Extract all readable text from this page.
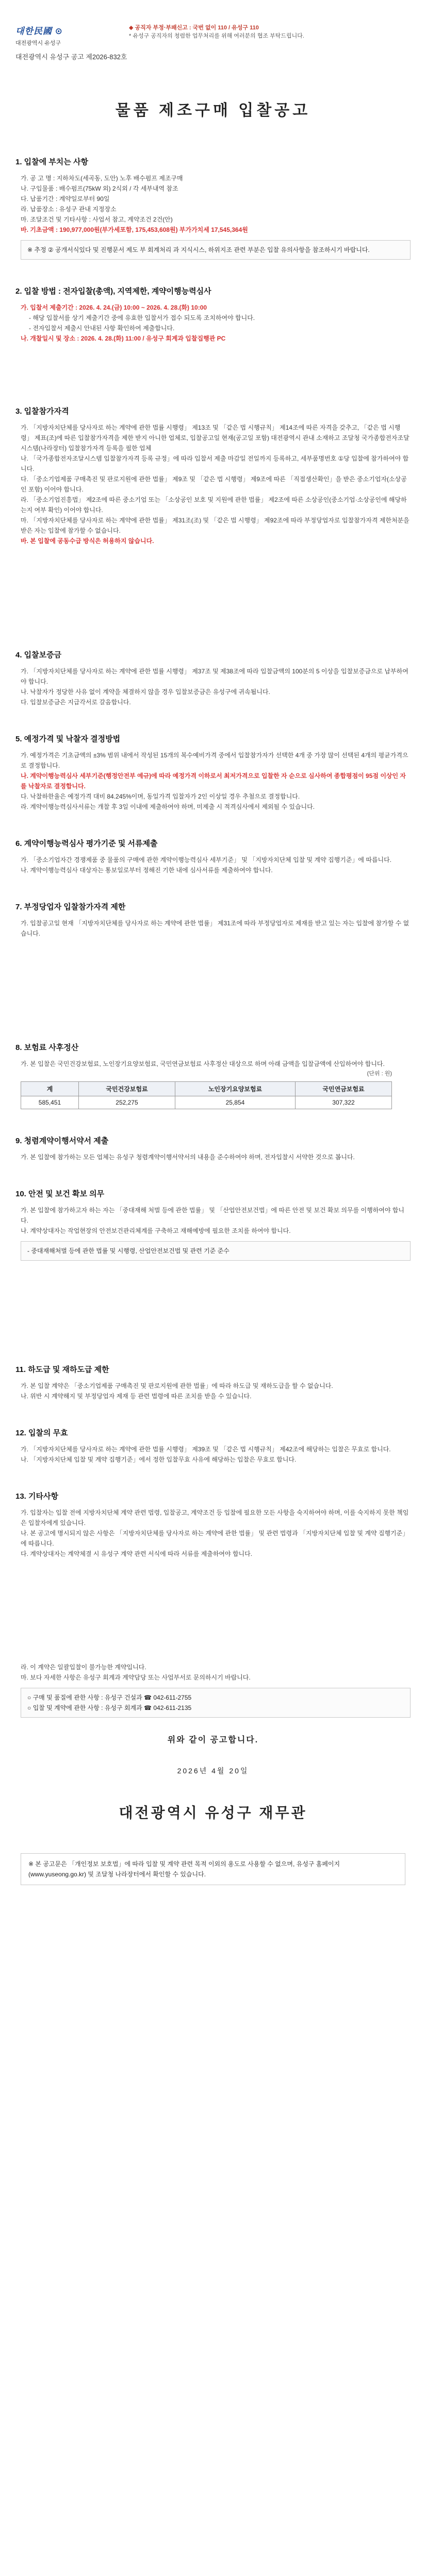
대한民國 ⊙
대전광역시 유성구
◆ 공직자 부정·부패신고 : 국번 없이 110 / 유성구 110
* 유성구 공직자의 청렴한 업무처리를 위해 여러분의 협조 부탁드립니다.
대전광역시 유성구 공고 제2026-832호
물품 제조구매 입찰공고
1. 입찰에 부치는 사항
가. 공 고 명 : 지하차도(세곡동, 도안) 노후 배수펌프 제조구매
나. 구입물품 : 배수펌프(75kW 외) 2식외 / 각 세부내역 참조
다. 납품기간 : 계약일로부터 90일
라. 납품장소 : 유성구 관내 지정장소
마. 조달조건 및 기타사항 : 사업서 참고, 계약조건 2건(안)
바. 기초금액 : 190,977,000원(부가세포함, 175,453,608원) 부가가치세 17,545,364원
※ 추정 ② 공개서식있다 및 진행문서 제도 부 회계처리 과 지식시스, 하위지조 관련 부분은 입찰 유의사항을 참조하시기 바랍니다.
2. 입찰 방법 : 전자입찰(총액), 지역제한, 계약이행능력심사
가. 입찰서 제출기간 : 2026. 4. 24.(금) 10:00 ~ 2026. 4. 28.(화) 10:00
- 해당 입찰서를 상기 제출기간 중에 유효한 입찰서가 접수 되도록 조치하여야 합니다.
- 전자입찰서 제출시 안내된 사항 확인하여 제출합니다.
나. 개찰일시 및 장소 : 2026. 4. 28.(화) 11:00 / 유성구 회계과 입찰집행관 PC
3. 입찰참가자격
가. 「지방자치단체를 당사자로 하는 계약에 관한 법률 시행령」 제13조 및 「같은 법 시행규칙」 제14조에 따른 자격을 갖추고, 「같은 법 시행령」 제표(조)에 따른 입찰참가자격을 제한 받지 아니한 업체로, 입찰공고일 현재(공고일 포함) 대전광역시 관내 소재하고 조달청 국가종합전자조달시스템(나라장터) 입찰참가자격 등록을 필한 업체
나. 「국가종합전자조달시스템 입찰참가자격 등록 규정」에 따라 입찰서 제출 마감일 전일까지 등록하고, 세부품명번호 ①당 입찰에 참가하여야 합니다.
다. 「중소기업제품 구매촉진 및 판로지원에 관한 법률」 제9조 및 「같은 법 시행령」 제9조에 따른 「직접생산확인」을 받은 중소기업자(소상공인 포함) 이어야 합니다.
라. 「중소기업진흥법」 제2조에 따른 중소기업 또는 「소상공인 보호 및 지원에 관한 법률」 제2조에 따른 소상공인(중소기업·소상공인에 해당하는지 여부 확인) 이어야 합니다.
마. 「지방자치단체를 당사자로 하는 계약에 관한 법률」 제31조(조) 및 「같은 법 시행령」 제92조에 따라 부정당업자로 입찰참가자격 제한처분을 받은 자는 입찰에 참가할 수 없습니다.
바. 본 입찰에 공동수급 방식은 허용하지 않습니다.
4. 입찰보증금
가. 「지방자치단체를 당사자로 하는 계약에 관한 법률 시행령」 제37조 및 제38조에 따라 입찰금액의 100분의 5 이상을 입찰보증금으로 납부하여야 합니다.
나. 낙찰자가 정당한 사유 없이 계약을 체결하지 않을 경우 입찰보증금은 유성구에 귀속됩니다.
다. 입찰보증금은 지급각서로 갈음합니다.
5. 예정가격 및 낙찰자 결정방법
가. 예정가격은 기초금액의 ±3% 범위 내에서 작성된 15개의 복수예비가격 중에서 입찰참가자가 선택한 4개 중 가장 많이 선택된 4개의 평균가격으로 결정합니다.
나. 계약이행능력심사 세부기준(행정안전부 예규)에 따라 예정가격 이하로서 최저가격으로 입찰한 자 순으로 심사하여 종합평점이 95점 이상인 자를 낙찰자로 결정합니다.
다. 낙찰하한율은 예정가격 대비 84.245%이며, 동일가격 입찰자가 2인 이상일 경우 추첨으로 결정합니다.
라. 계약이행능력심사서류는 개찰 후 3일 이내에 제출하여야 하며, 미제출 시 적격심사에서 제외될 수 있습니다.
6. 계약이행능력심사 평가기준 및 서류제출
가. 「중소기업자간 경쟁제품 중 물품의 구매에 관한 계약이행능력심사 세부기준」 및 「지방자치단체 입찰 및 계약 집행기준」에 따릅니다.
나. 계약이행능력심사 대상자는 통보일로부터 정해진 기한 내에 심사서류를 제출하여야 합니다.
7. 부정당업자 입찰참가자격 제한
가. 입찰공고일 현재 「지방자치단체를 당사자로 하는 계약에 관한 법률」 제31조에 따라 부정당업자로 제재를 받고 있는 자는 입찰에 참가할 수 없습니다.
8. 보험료 사후정산
가. 본 입찰은 국민건강보험료, 노인장기요양보험료, 국민연금보험료 사후정산 대상으로 하며 아래 금액을 입찰금액에 산입하여야 합니다.
(단위 : 원)
계	국민건강보험료	노인장기요양보험료	국민연금보험료
585,451	252,275	25,854	307,322
9. 청렴계약이행서약서 제출
가. 본 입찰에 참가하는 모든 업체는 유성구 청렴계약이행서약서의 내용을 준수하여야 하며, 전자입찰시 서약한 것으로 봅니다.
10. 안전 및 보건 확보 의무
가. 본 입찰에 참가하고자 하는 자는 「중대재해 처벌 등에 관한 법률」 및 「산업안전보건법」에 따른 안전 및 보건 확보 의무를 이행하여야 합니다.
나. 계약상대자는 작업현장의 안전보건관리체계를 구축하고 재해예방에 필요한 조치를 하여야 합니다.
- 중대재해처벌 등에 관한 법률 및 시행령, 산업안전보건법 및 관련 기준 준수
11. 하도급 및 재하도급 제한
가. 본 입찰 계약은 「중소기업제품 구매촉진 및 판로지원에 관한 법률」에 따라 하도급 및 재하도급을 할 수 없습니다.
나. 위반 시 계약해지 및 부정당업자 제재 등 관련 법령에 따른 조치를 받을 수 있습니다.
12. 입찰의 무효
가. 「지방자치단체를 당사자로 하는 계약에 관한 법률 시행령」 제39조 및 「같은 법 시행규칙」 제42조에 해당하는 입찰은 무효로 합니다.
나. 「지방자치단체 입찰 및 계약 집행기준」에서 정한 입찰무효 사유에 해당하는 입찰은 무효로 합니다.
13. 기타사항
가. 입찰자는 입찰 전에 지방자치단체 계약 관련 법령, 입찰공고, 계약조건 등 입찰에 필요한 모든 사항을 숙지하여야 하며, 이를 숙지하지 못한 책임은 입찰자에게 있습니다.
나. 본 공고에 명시되지 않은 사항은 「지방자치단체를 당사자로 하는 계약에 관한 법률」 및 관련 법령과 「지방자치단체 입찰 및 계약 집행기준」에 따릅니다.
다. 계약상대자는 계약체결 시 유성구 계약 관련 서식에 따라 서류를 제출하여야 합니다.
라. 이 계약은 일괄입찰이 불가능한 계약입니다.
마. 보다 자세한 사항은 유성구 회계과 계약담당 또는 사업부서로 문의하시기 바랍니다.
○ 구매 및 품질에 관한 사항 : 유성구 건설과 ☎ 042-611-2755
○ 입찰 및 계약에 관한 사항 : 유성구 회계과 ☎ 042-611-2135
위와 같이 공고합니다.
2026년 4월 20일
대전광역시 유성구 재무관
※ 본 공고문은 「개인정보 보호법」에 따라 입찰 및 계약 관련 목적 이외의 용도로 사용할 수 없으며, 유성구 홈페이지(www.yuseong.go.kr) 및 조달청 나라장터에서 확인할 수 있습니다.
